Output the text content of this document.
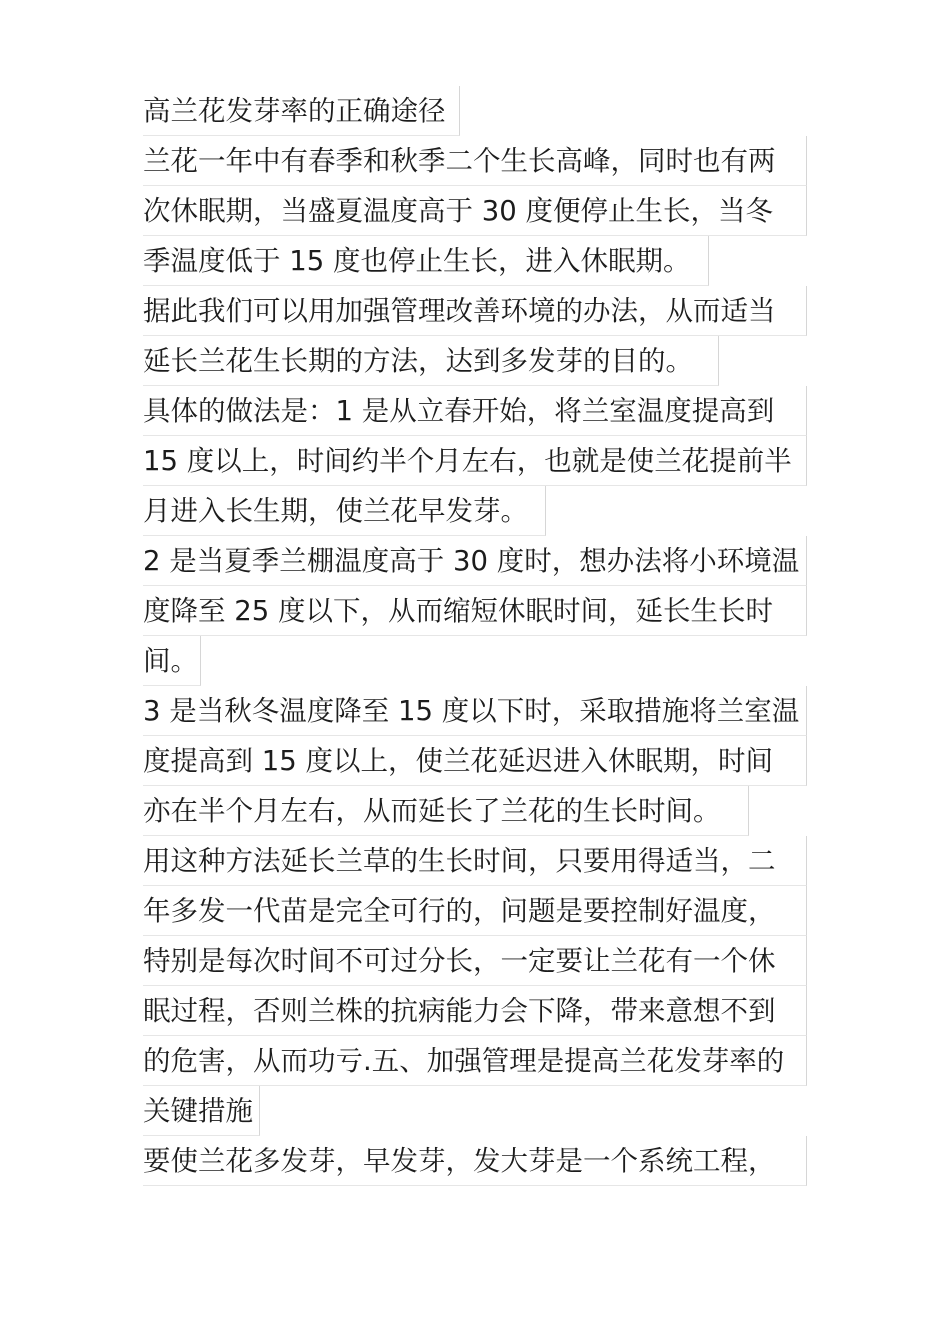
高兰花发芽率的正确途径
兰花一年中有春季和秋季二个生长高峰，同时也有两
次休眠期，当盛夏温度高于 30 度便停止生长，当冬
季温度低于 15 度也停止生长，进入休眠期。
据此我们可以用加强管理改善环境的办法，从而适当
延长兰花生长期的方法，达到多发芽的目的。
具体的做法是：1 是从立春开始，将兰室温度提高到
15 度以上，时间约半个月左右，也就是使兰花提前半
月进入长生期，使兰花早发芽。
2 是当夏季兰棚温度高于 30 度时，想办法将小环境温
度降至 25 度以下，从而缩短休眠时间，延长生长时
间。
3 是当秋冬温度降至 15 度以下时，采取措施将兰室温
度提高到 15 度以上，使兰花延迟进入休眠期，时间
亦在半个月左右，从而延长了兰花的生长时间。
用这种方法延长兰草的生长时间，只要用得适当，二
年多发一代苗是完全可行的，问题是要控制好温度，
特别是每次时间不可过分长，一定要让兰花有一个休
眠过程，否则兰株的抗病能力会下降，带来意想不到
的危害，从而功亏.五、加强管理是提高兰花发芽率的
关键措施
要使兰花多发芽，早发芽，发大芽是一个系统工程，
